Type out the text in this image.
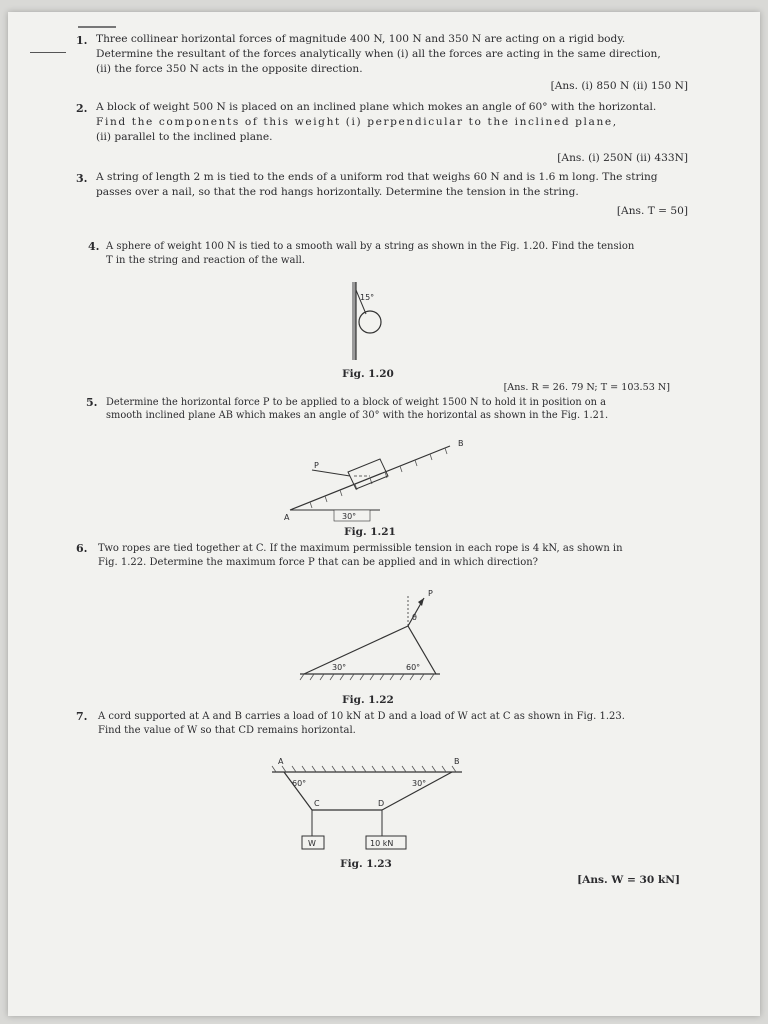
1. Three collinear horizontal forces of magnitude 400 N, 100 N and 350 N are acting on a rigid body.
Determine the resultant of the forces analytically when (i) all the forces are acting in the same direction,
(ii) the force 350 N acts in the opposite direction.
[Ans. (i) 850 N (ii) 150 N]
2. A block of weight 500 N is placed on an inclined plane which mokes an angle of 60° with the horizontal.
Find the components of this weight (i) perpendicular to the inclined plane,
(ii) parallel to the inclined plane.
[Ans. (i) 250N (ii) 433N]
3. A string of length 2 m is tied to the ends of a uniform rod that weighs 60 N and is 1.6 m long. The string
passes over a nail, so that the rod hangs horizontally. Determine the tension in the string.
[Ans. T = 50]
4. A sphere of weight 100 N is tied to a smooth wall by a string as shown in the Fig. 1.20. Find the tension
T in the string and reaction of the wall.
15°
Fig. 1.20
[Ans. R = 26. 79 N; T = 103.53 N]
5. Determine the horizontal force P to be applied to a block of weight 1500 N to hold it in position on a
smooth inclined plane AB which makes an angle of 30° with the horizontal as shown in the Fig. 1.21.
P
A
B
30°
Fig. 1.21
6. Two ropes are tied together at C. If the maximum permissible tension in each rope is 4 kN, as shown in
Fig. 1.22. Determine the maximum force P that can be applied and in which direction?
P
θ
30°	60°
Fig. 1.22
7. A cord supported at A and B carries a load of 10 kN at D and a load of W act at C as shown in Fig. 1.23.
Find the value of W so that CD remains horizontal.
A	B
C	D
60°	30°
W	10 kN
Fig. 1.23
[Ans. W = 30 kN]
